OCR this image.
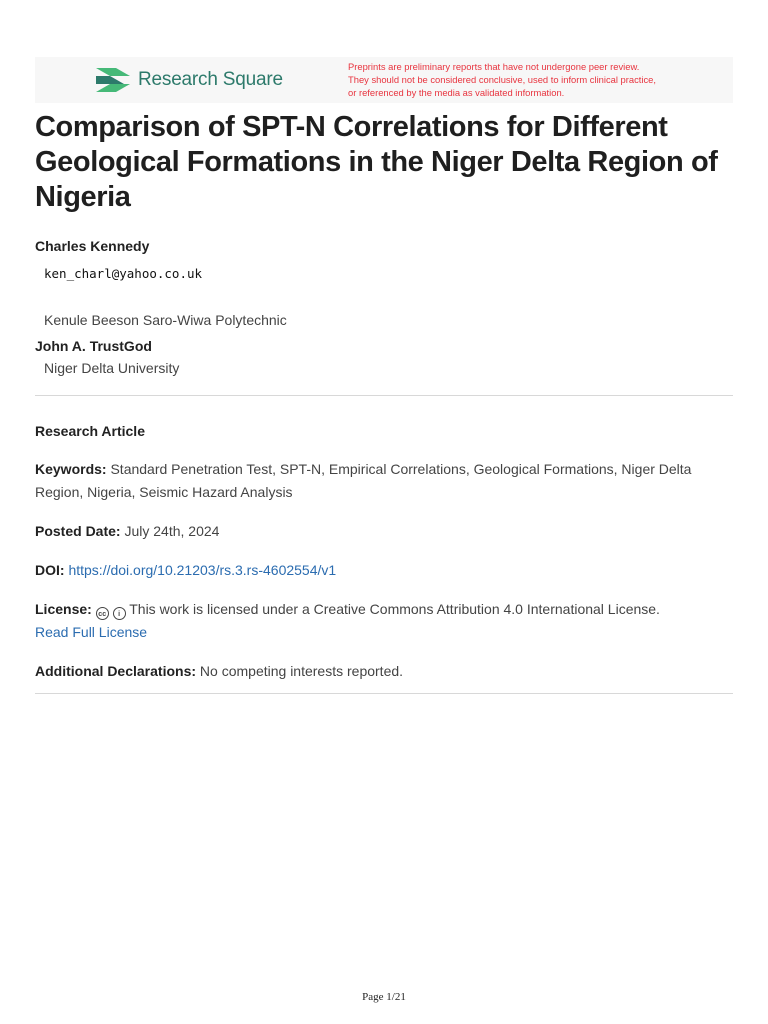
Research Square
Preprints are preliminary reports that have not undergone peer review.
They should not be considered conclusive, used to inform clinical practice,
or referenced by the media as validated information.
Comparison of SPT-N Correlations for Different Geological Formations in the Niger Delta Region of Nigeria
Charles Kennedy
ken_charl@yahoo.co.uk
Kenule Beeson Saro-Wiwa Polytechnic
John A. TrustGod
Niger Delta University
Research Article
Keywords: Standard Penetration Test, SPT-N, Empirical Correlations, Geological Formations, Niger Delta Region, Nigeria, Seismic Hazard Analysis
Posted Date: July 24th, 2024
DOI: https://doi.org/10.21203/rs.3.rs-4602554/v1
License: cc i This work is licensed under a Creative Commons Attribution 4.0 International License.
Read Full License
Additional Declarations: No competing interests reported.
Page 1/21
